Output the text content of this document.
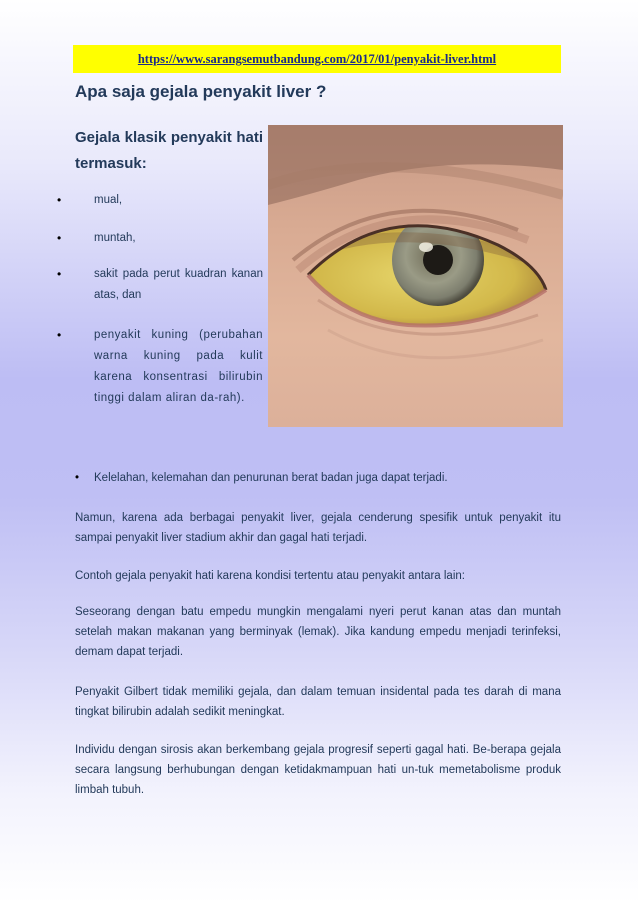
https://www.sarangsemutbandung.com/2017/01/penyakit-liver.html
Apa saja gejala penyakit liver ?

Gejala klasik penyakit hati termasuk:

•	mual,
•	muntah,
•	sakit pada perut kuadran kanan atas, dan
•	penyakit kuning (perubahan warna kuning pada kulit karena konsentrasi bilirubin tinggi dalam aliran da-rah).
• Kelelahan, kelemahan dan penurunan berat badan juga dapat terjadi.

Namun, karena ada berbagai penyakit liver, gejala cenderung spesifik untuk penyakit itu sampai penyakit liver stadium akhir dan gagal hati terjadi.

Contoh gejala penyakit hati karena kondisi tertentu atau penyakit antara lain:

Seseorang dengan batu empedu mungkin mengalami nyeri perut kanan atas dan muntah setelah makan makanan yang berminyak (lemak). Jika kandung empedu menjadi terinfeksi, demam dapat terjadi.

Penyakit Gilbert tidak memiliki gejala, dan dalam temuan insidental pada tes darah di mana tingkat bilirubin adalah sedikit meningkat.

Individu dengan sirosis akan berkembang gejala progresif seperti gagal hati. Be-berapa gejala secara langsung berhubungan dengan ketidakmampuan hati un-tuk memetabolisme produk limbah tubuh.
